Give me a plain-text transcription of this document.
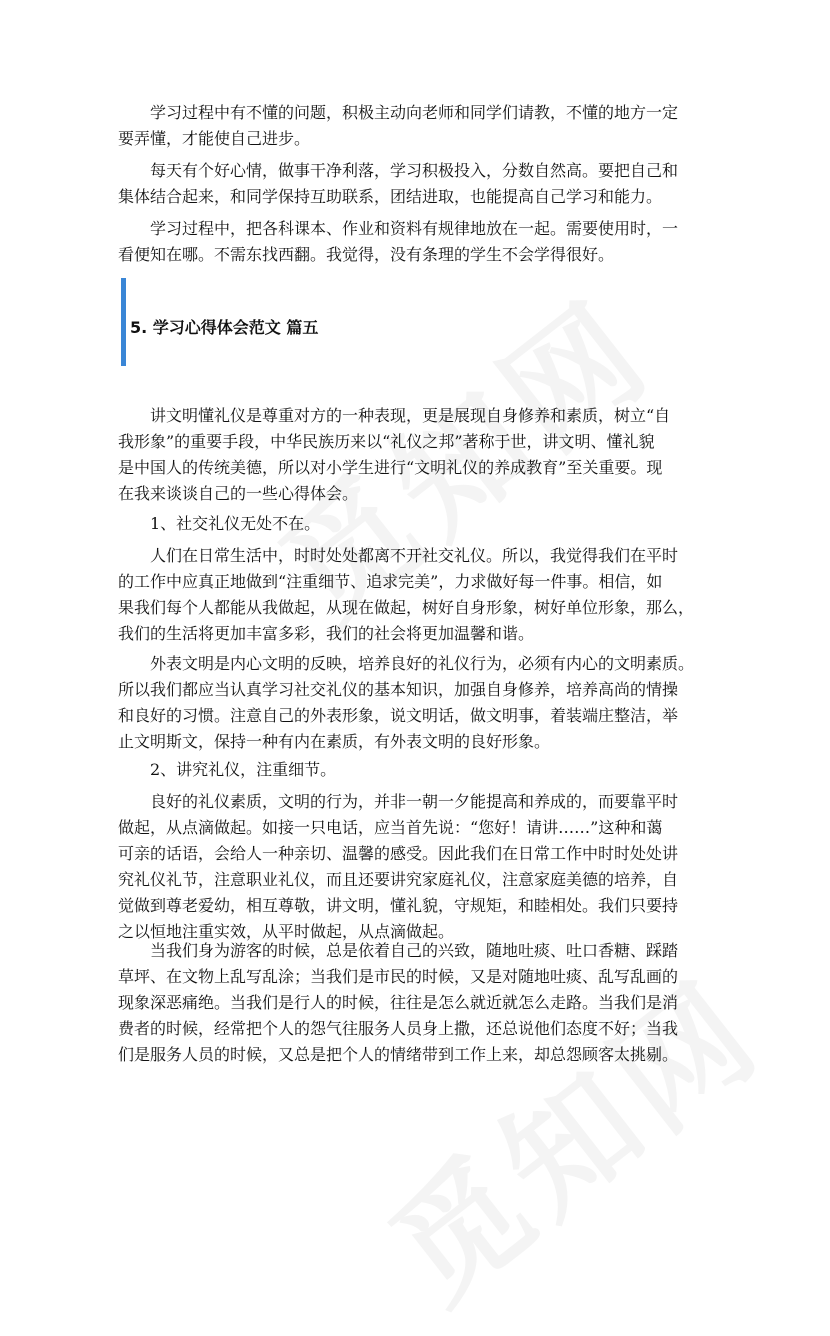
　　学习过程中有不懂的问题，积极主动向老师和同学们请教，不懂的地方一定
要弄懂，才能使自己进步。

　　每天有个好心情，做事干净利落，学习积极投入，分数自然高。要把自己和
集体结合起来，和同学保持互助联系，团结进取，也能提高自己学习和能力。

　　学习过程中，把各科课本、作业和资料有规律地放在一起。需要使用时，一
看便知在哪。不需东找西翻。我觉得，没有条理的学生不会学得很好。

5. 学习心得体会范文 篇五

　　讲文明懂礼仪是尊重对方的一种表现，更是展现自身修养和素质，树立“自
我形象”的重要手段，中华民族历来以“礼仪之邦”著称于世，讲文明、懂礼貌
是中国人的传统美德，所以对小学生进行“文明礼仪的养成教育”至关重要。现
在我来谈谈自己的一些心得体会。

　　1、社交礼仪无处不在。

　　人们在日常生活中，时时处处都离不开社交礼仪。所以，我觉得我们在平时
的工作中应真正地做到“注重细节、追求完美”，力求做好每一件事。相信，如
果我们每个人都能从我做起，从现在做起，树好自身形象，树好单位形象，那么，
我们的生活将更加丰富多彩，我们的社会将更加温馨和谐。

　　外表文明是内心文明的反映，培养良好的礼仪行为，必须有内心的文明素质。
所以我们都应当认真学习社交礼仪的基本知识，加强自身修养，培养高尚的情操
和良好的习惯。注意自己的外表形象，说文明话，做文明事，着装端庄整洁，举
止文明斯文，保持一种有内在素质，有外表文明的良好形象。

　　2、讲究礼仪，注重细节。

　　良好的礼仪素质，文明的行为，并非一朝一夕能提高和养成的，而要靠平时
做起，从点滴做起。如接一只电话，应当首先说：“您好！请讲……”这种和蔼
可亲的话语，会给人一种亲切、温馨的感受。因此我们在日常工作中时时处处讲
究礼仪礼节，注意职业礼仪，而且还要讲究家庭礼仪，注意家庭美德的培养，自
觉做到尊老爱幼，相互尊敬，讲文明，懂礼貌，守规矩，和睦相处。我们只要持
之以恒地注重实效，从平时做起，从点滴做起。

　　当我们身为游客的时候，总是依着自己的兴致，随地吐痰、吐口香糖、踩踏
草坪、在文物上乱写乱涂；当我们是市民的时候，又是对随地吐痰、乱写乱画的
现象深恶痛绝。当我们是行人的时候，往往是怎么就近就怎么走路。当我们是消
费者的时候，经常把个人的怨气往服务人员身上撒，还总说他们态度不好；当我
们是服务人员的时候，又总是把个人的情绪带到工作上来，却总怨顾客太挑剔。
